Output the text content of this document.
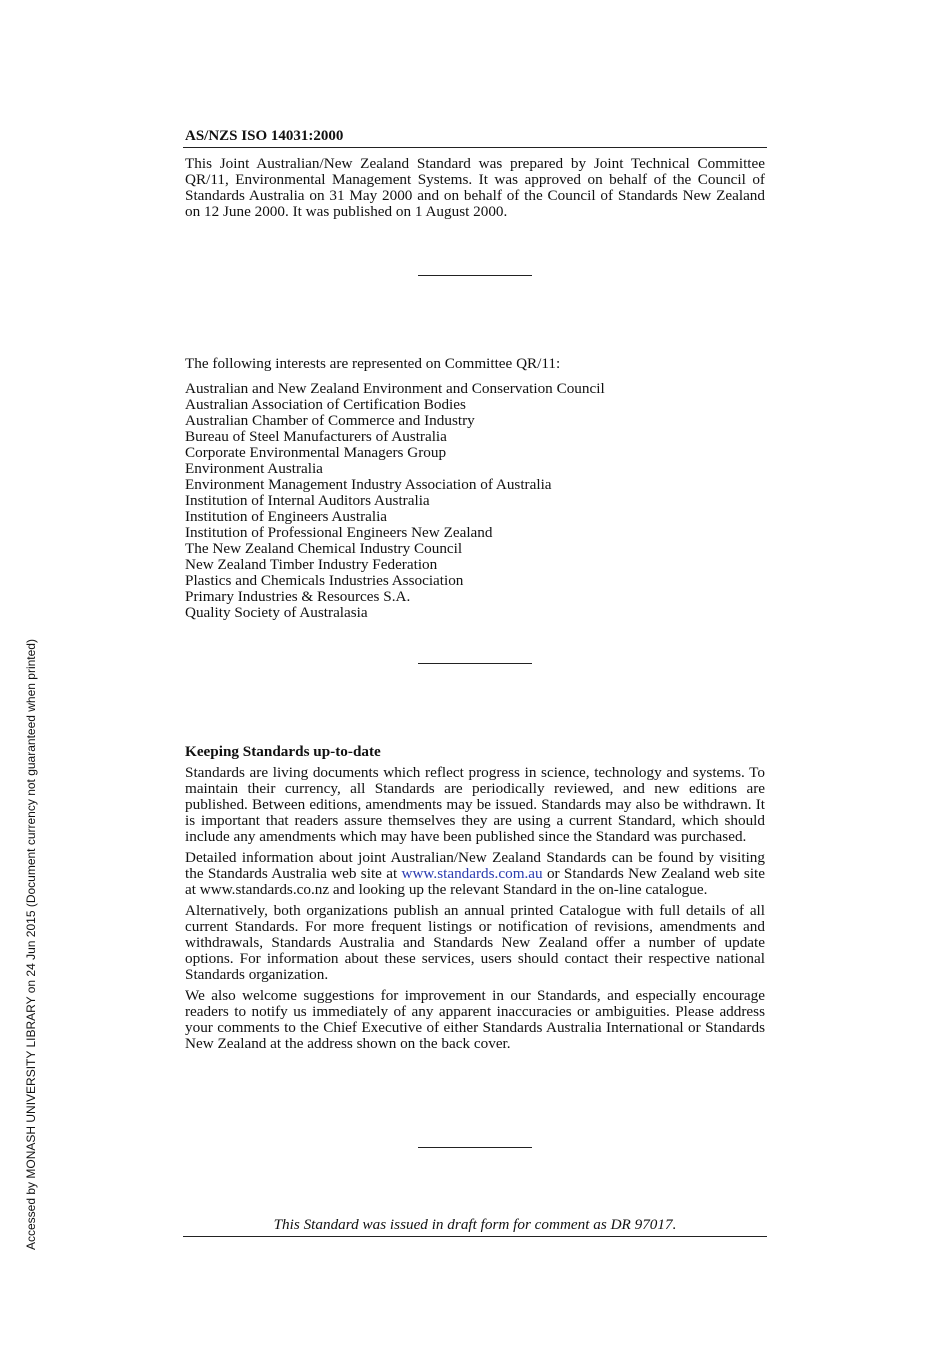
AS/NZS ISO 14031:2000

This Joint Australian/New Zealand Standard was prepared by Joint Technical Committee QR/11, Environmental Management Systems. It was approved on behalf of the Council of Standards Australia on 31 May 2000 and on behalf of the Council of Standards New Zealand on 12 June 2000. It was published on 1 August 2000.

The following interests are represented on Committee QR/11:

Australian and New Zealand Environment and Conservation Council

Australian Association of Certification Bodies

Australian Chamber of Commerce and Industry

Bureau of Steel Manufacturers of Australia

Corporate Environmental Managers Group

Environment Australia

Environment Management Industry Association of Australia

Institution of Internal Auditors Australia

Institution of Engineers Australia

Institution of Professional Engineers New Zealand

The New Zealand Chemical Industry Council

New Zealand Timber Industry Federation

Plastics and Chemicals Industries Association

Primary Industries & Resources S.A.

Quality Society of Australasia

Keeping Standards up-to-date

Standards are living documents which reflect progress in science, technology and systems. To maintain their currency, all Standards are periodically reviewed, and new editions are published. Between editions, amendments may be issued. Standards may also be withdrawn. It is important that readers assure themselves they are using a current Standard, which should include any amendments which may have been published since the Standard was purchased.

Detailed information about joint Australian/New Zealand Standards can be found by visiting the Standards Australia web site at www.standards.com.au or Standards New Zealand web site at www.standards.co.nz and looking up the relevant Standard in the on-line catalogue.

Alternatively, both organizations publish an annual printed Catalogue with full details of all current Standards. For more frequent listings or notification of revisions, amendments and withdrawals, Standards Australia and Standards New Zealand offer a number of update options. For information about these services, users should contact their respective national Standards organization.

We also welcome suggestions for improvement in our Standards, and especially encourage readers to notify us immediately of any apparent inaccuracies or ambiguities. Please address your comments to the Chief Executive of either Standards Australia International or Standards New Zealand at the address shown on the back cover.

This Standard was issued in draft form for comment as DR 97017.
Accessed by MONASH UNIVERSITY LIBRARY on 24 Jun 2015 (Document currency not guaranteed when printed)
